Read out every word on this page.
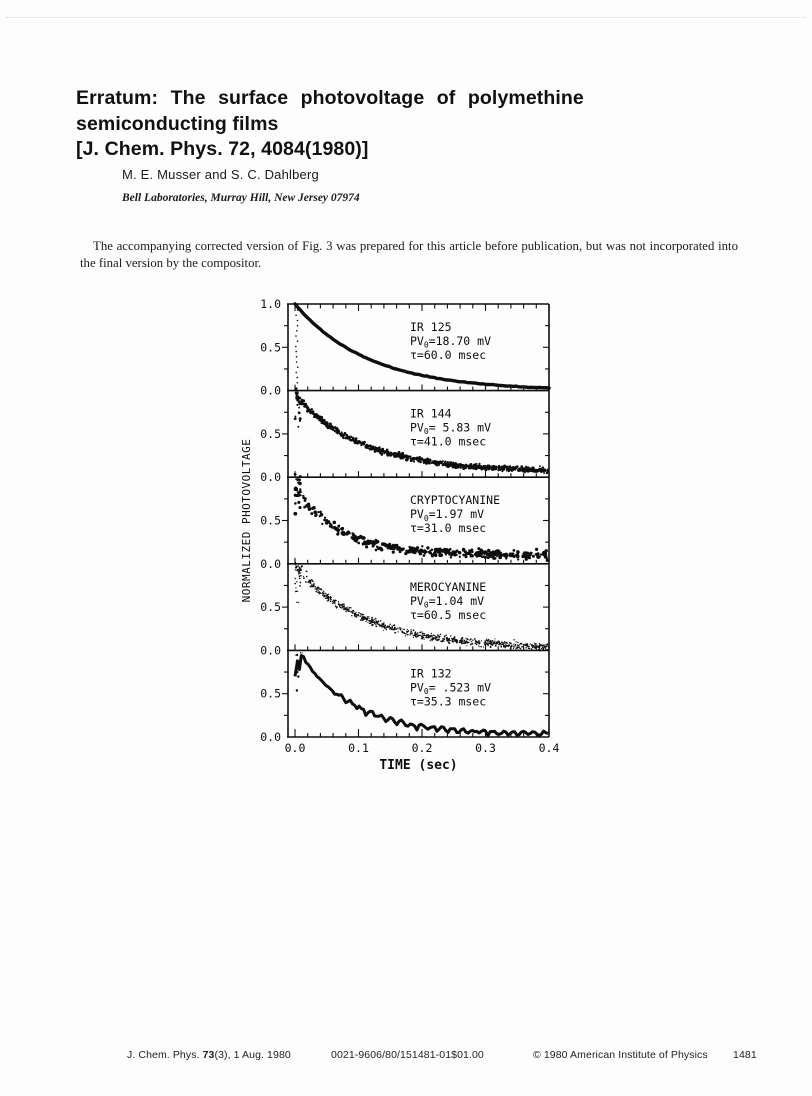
Erratum: The surface photovoltage of polymethine
semiconducting films
[J. Chem. Phys. 72, 4084(1980)]
M. E. Musser and S. C. Dahlberg
Bell Laboratories, Murray Hill, New Jersey 07974

The accompanying corrected version of Fig. 3 was prepared for this article before publication, but was not incorporated into the final version by the compositor.

1.0
0.5
0.0
0.5
0.0
0.5
0.0
0.5
0.0
0.5
0.0
0.0	0.1	0.2	0.3	0.4
TIME (sec)
NORMALIZED PHOTOVOLTAGE
IR 125
$PV_0=18.70$ mV
τ=60.0 msec
IR 144
$PV_0= 5.83$ mV
τ=41.0 msec
CRYPTOCYANINE
$PV_0=1.97$ mV
τ=31.0 msec
MEROCYANINE
$PV_0=1.04$ mV
τ=60.5 msec
IR 132
$PV_0= .523$ mV
τ=35.3 msec
J. Chem. Phys. 73(3), 1 Aug. 1980	0021-9606/80/151481-01$01.00	© 1980 American Institute of Physics 1481
